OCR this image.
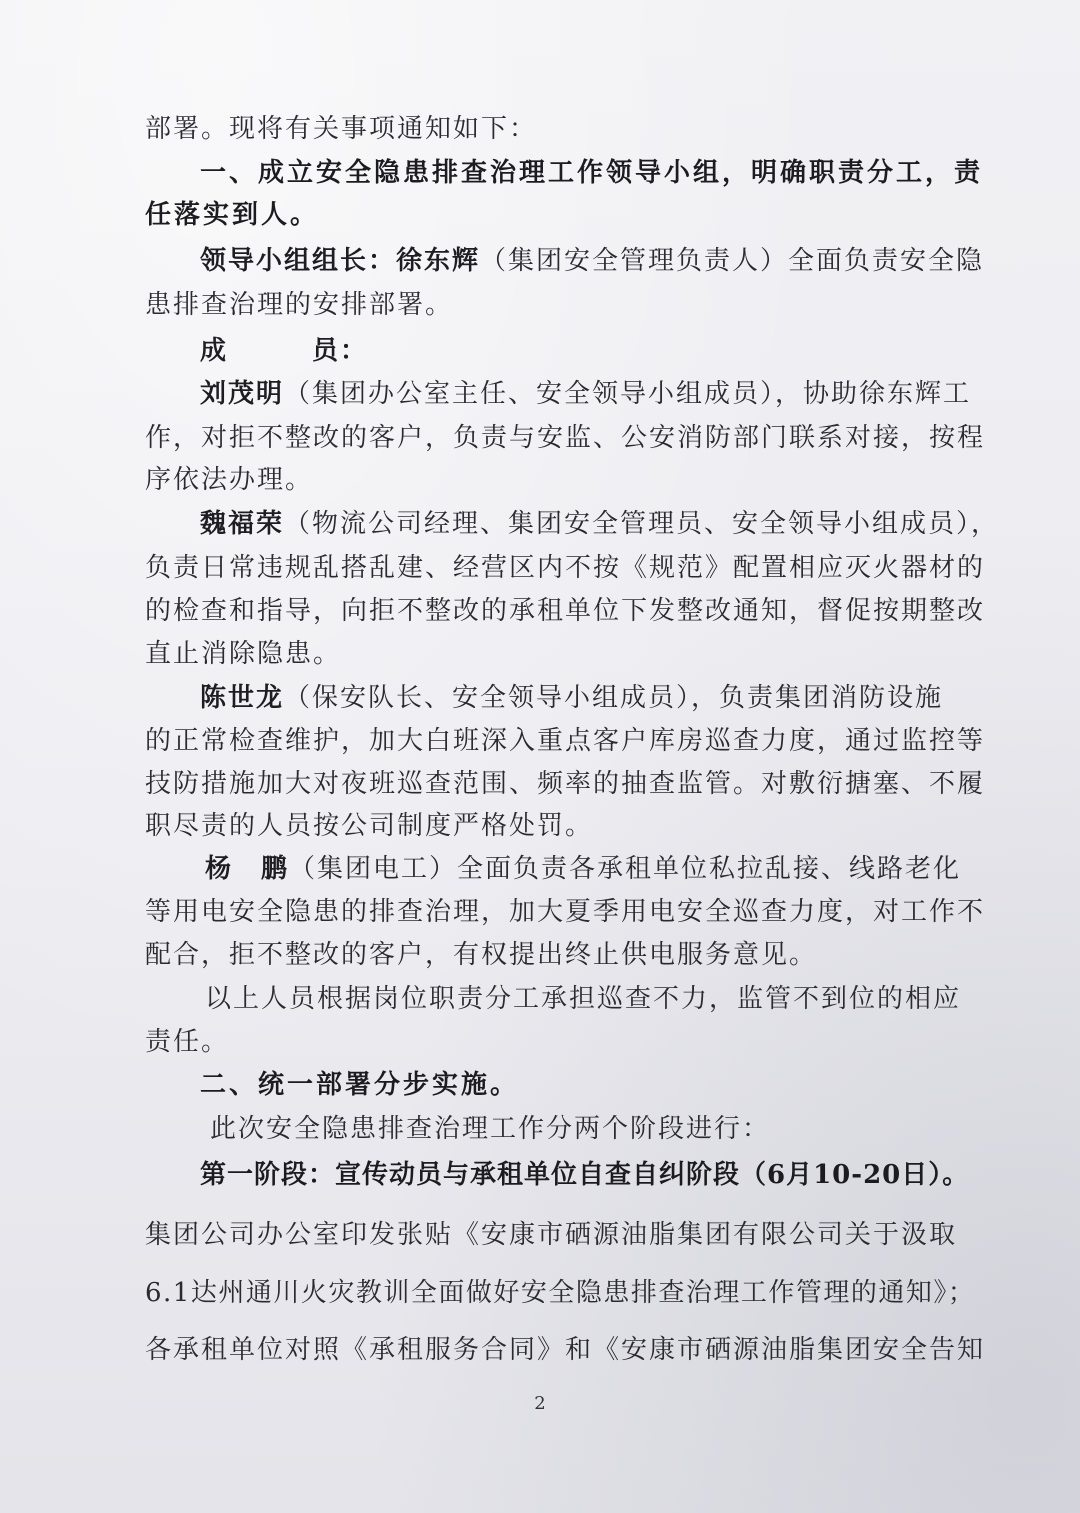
部署。现将有关事项通知如下：
一、成立安全隐患排查治理工作领导小组，明确职责分工，责
任落实到人。
领导小组组长：徐东辉（集团安全管理负责人）全面负责安全隐
患排查治理的安排部署。
成　　　员：
刘茂明（集团办公室主任、安全领导小组成员），协助徐东辉工
作，对拒不整改的客户，负责与安监、公安消防部门联系对接，按程
序依法办理。
魏福荣（物流公司经理、集团安全管理员、安全领导小组成员），
负责日常违规乱搭乱建、经营区内不按《规范》配置相应灭火器材的
的检查和指导，向拒不整改的承租单位下发整改通知，督促按期整改
直止消除隐患。
陈世龙（保安队长、安全领导小组成员），负责集团消防设施
的正常检查维护，加大白班深入重点客户库房巡查力度，通过监控等
技防措施加大对夜班巡查范围、频率的抽查监管。对敷衍搪塞、不履
职尽责的人员按公司制度严格处罚。
杨　鹏（集团电工）全面负责各承租单位私拉乱接、线路老化
等用电安全隐患的排查治理，加大夏季用电安全巡查力度，对工作不
配合，拒不整改的客户，有权提出终止供电服务意见。
以上人员根据岗位职责分工承担巡查不力，监管不到位的相应
责任。
二、统一部署分步实施。
此次安全隐患排查治理工作分两个阶段进行：
第一阶段：宣传动员与承租单位自查自纠阶段（6月10-20日）。
集团公司办公室印发张贴《安康市硒源油脂集团有限公司关于汲取
6.1达州通川火灾教训全面做好安全隐患排查治理工作管理的通知》；
各承租单位对照《承租服务合同》和《安康市硒源油脂集团安全告知
2
